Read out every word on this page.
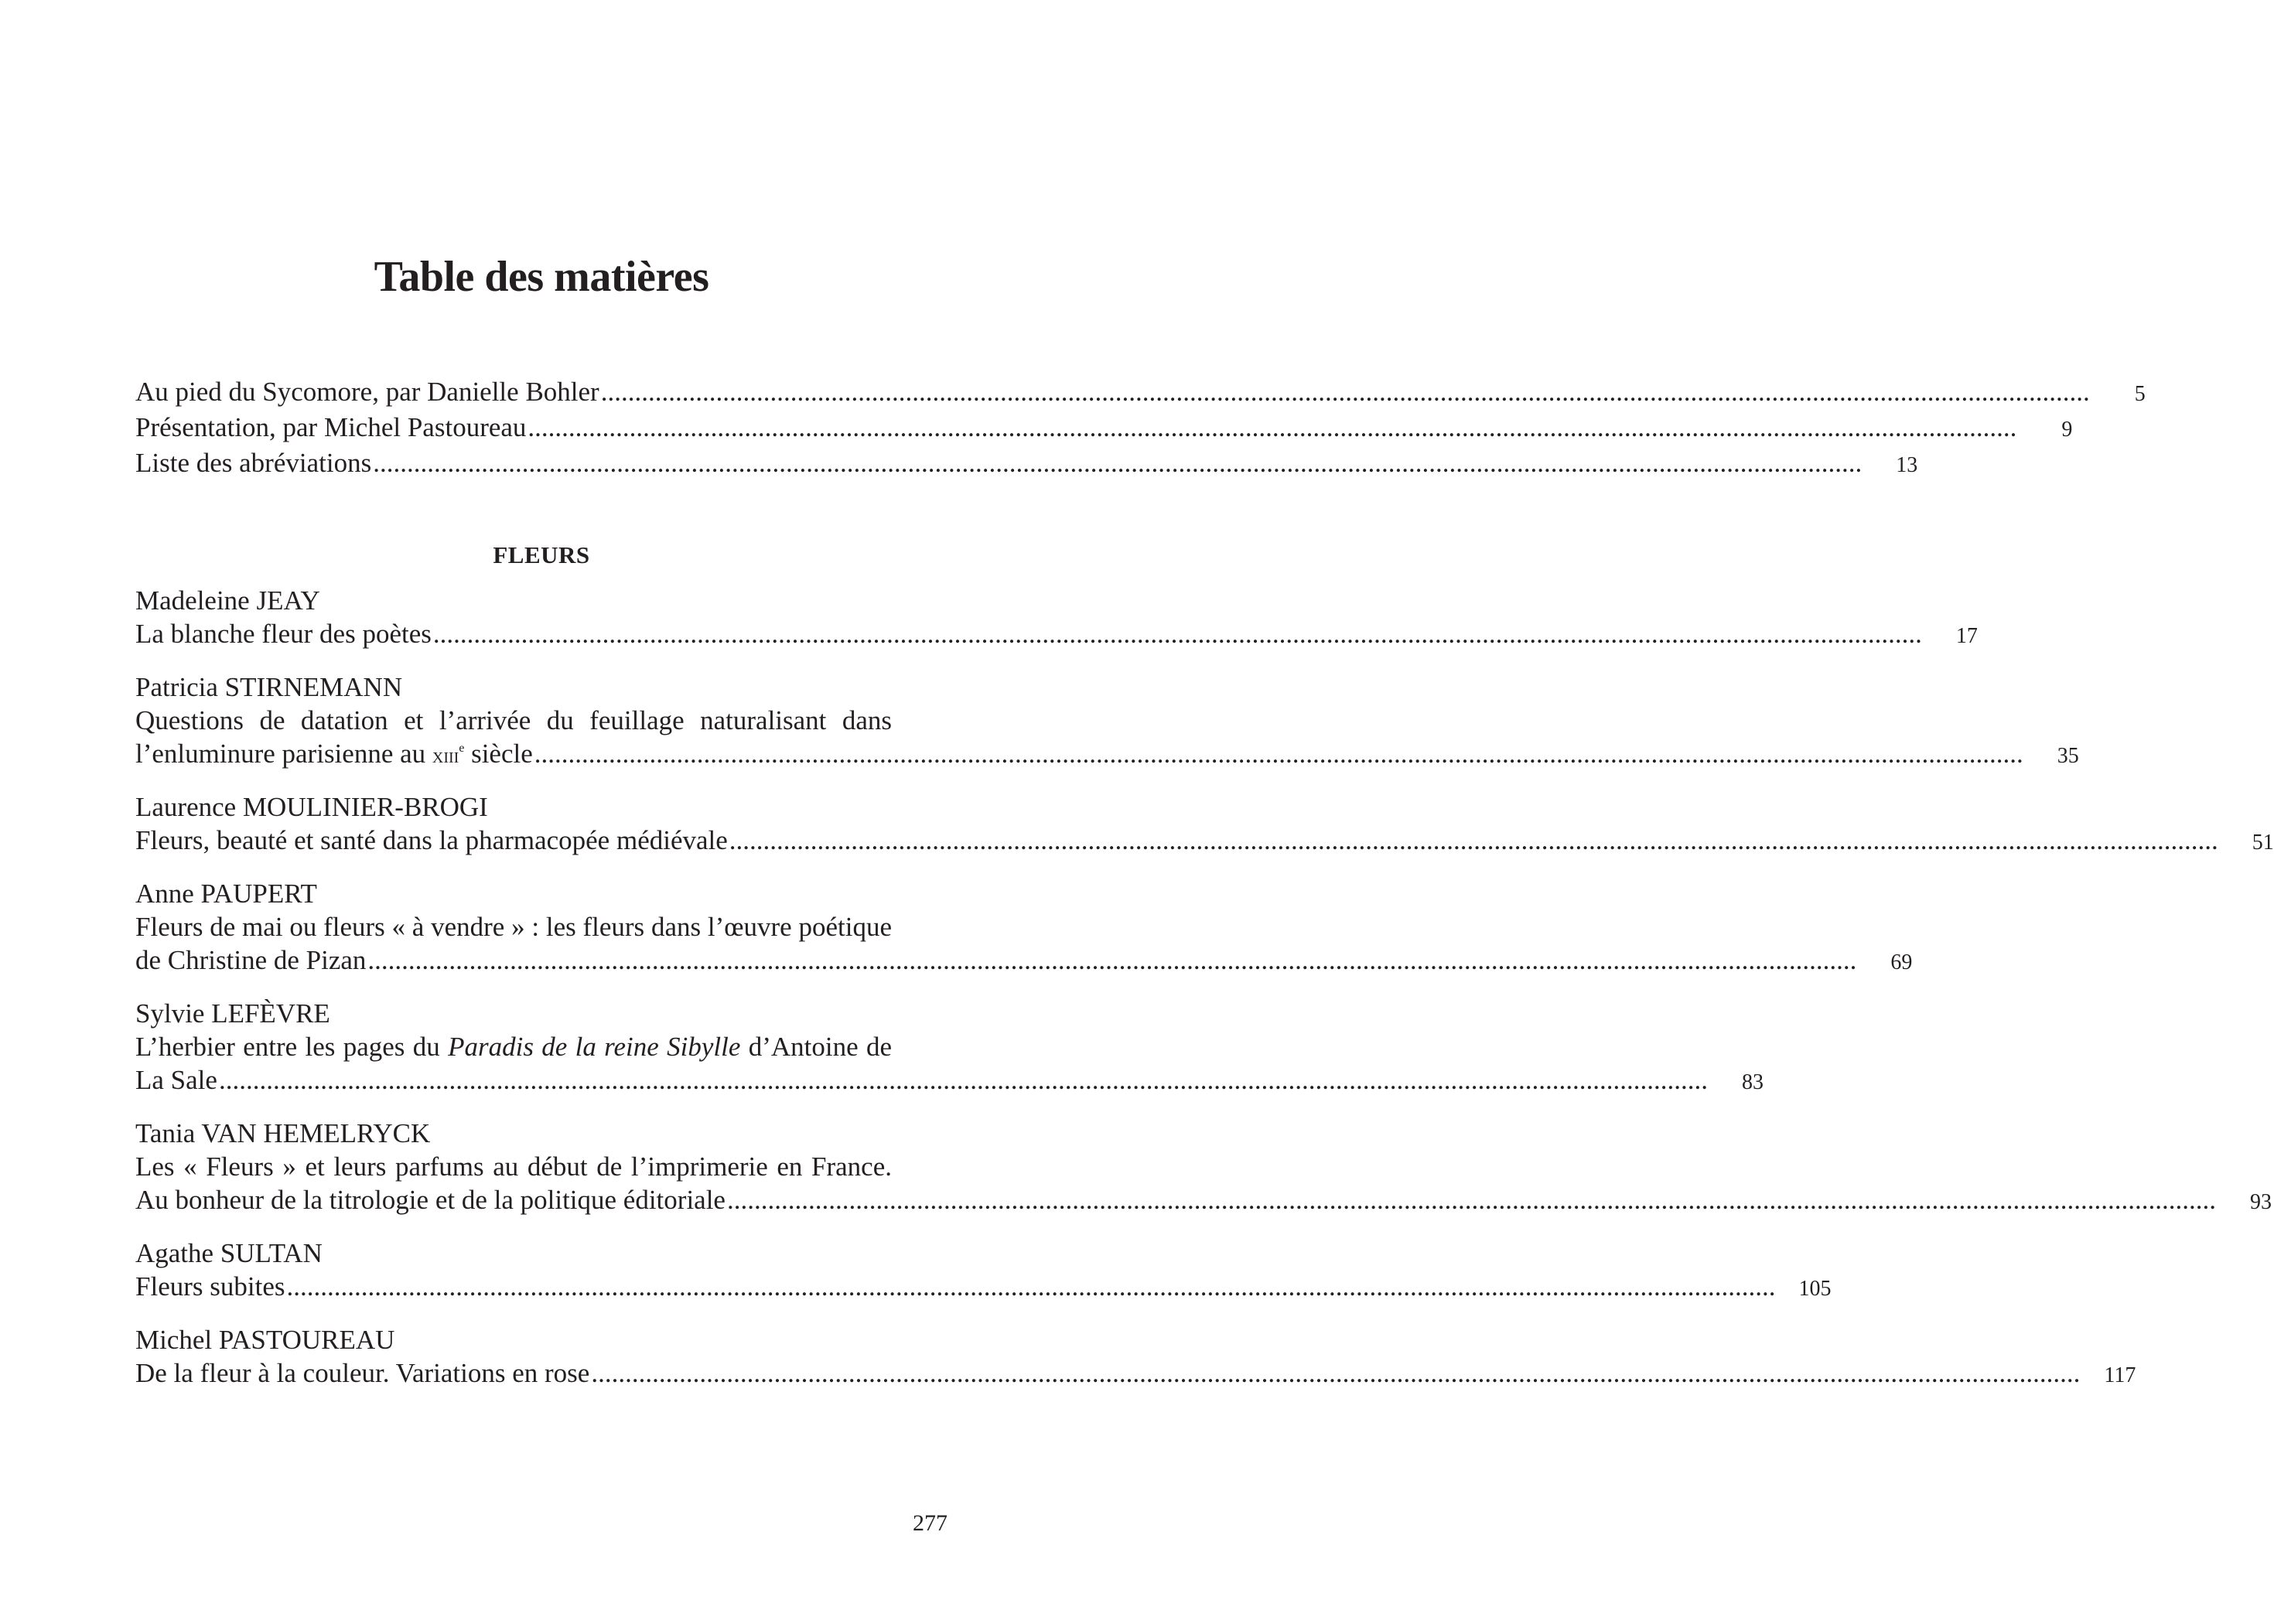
Table des matières
Au pied du Sycomore, par Danielle Bohler ............................................................................................................................................................................................................................	5
Présentation, par Michel Pastoureau ............................................................................................................................................................................................................................	9
Liste des abréviations ............................................................................................................................................................................................................................	13
FLEURS
Madeleine JEAY
La blanche fleur des poètes ............................................................................................................................................................................................................................	17
Patricia STIRNEMANN
Questions de datation et l’arrivée du feuillage naturalisant dans
l’enluminure parisienne au xiii$^e$ siècle ............................................................................................................................................................................................................................	35
Laurence MOULINIER-BROGI
Fleurs, beauté et santé dans la pharmacopée médiévale ............................................................................................................................................................................................................................	51
Anne PAUPERT
Fleurs de mai ou fleurs « à vendre » : les fleurs dans l’œuvre poétique
de Christine de Pizan ............................................................................................................................................................................................................................	69
Sylvie LEFÈVRE
L’herbier entre les pages du Paradis de la reine Sibylle d’Antoine de
La Sale ............................................................................................................................................................................................................................	83
Tania VAN HEMELRYCK
Les « Fleurs » et leurs parfums au début de l’imprimerie en France.
Au bonheur de la titrologie et de la politique éditoriale ............................................................................................................................................................................................................................	93
Agathe SULTAN
Fleurs subites ............................................................................................................................................................................................................................	105
Michel PASTOUREAU
De la fleur à la couleur. Variations en rose ............................................................................................................................................................................................................................	117
277
